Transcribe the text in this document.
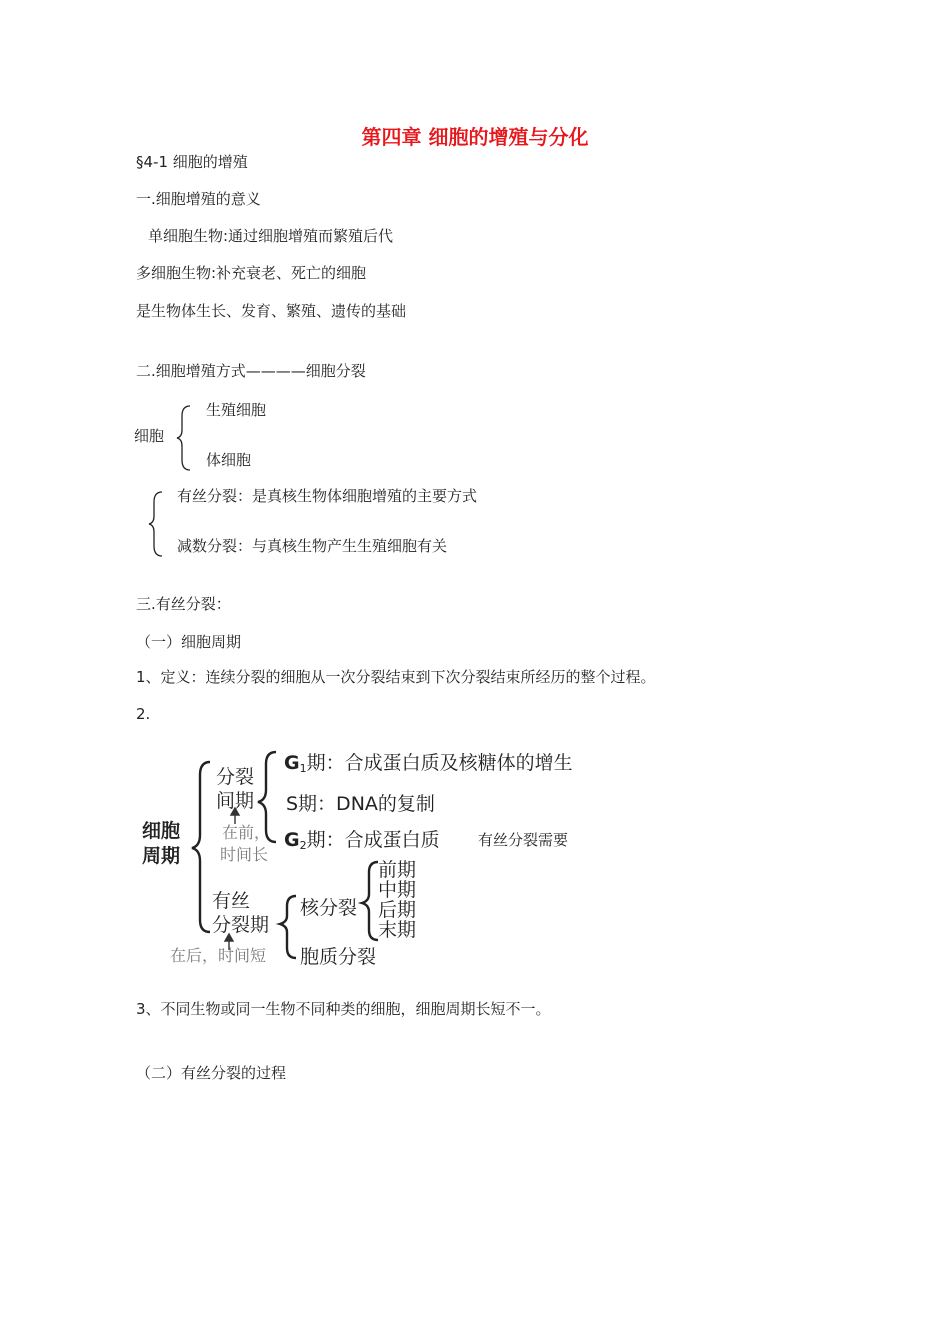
第四章 细胞的增殖与分化
§4-1 细胞的增殖
一.细胞增殖的意义
单细胞生物:通过细胞增殖而繁殖后代
多细胞生物:补充衰老、死亡的细胞
是生物体生长、发育、繁殖、遗传的基础
二.细胞增殖方式————细胞分裂
细胞
生殖细胞
体细胞
有丝分裂：是真核生物体细胞增殖的主要方式
减数分裂：与真核生物产生生殖细胞有关
三.有丝分裂：
（一）细胞周期
1、定义：连续分裂的细胞从一次分裂结束到下次分裂结束所经历的整个过程。
2.
细胞
周期
分裂
间期
在前，
时间长
$G_1$期：合成蛋白质及核糖体的增生
S期：DNA的复制
$G_2$期：合成蛋白质	有丝分裂需要
有丝
分裂期
在后，时间短
核分裂
胞质分裂
前期
中期
后期
末期
3、不同生物或同一生物不同种类的细胞，细胞周期长短不一。
（二）有丝分裂的过程
